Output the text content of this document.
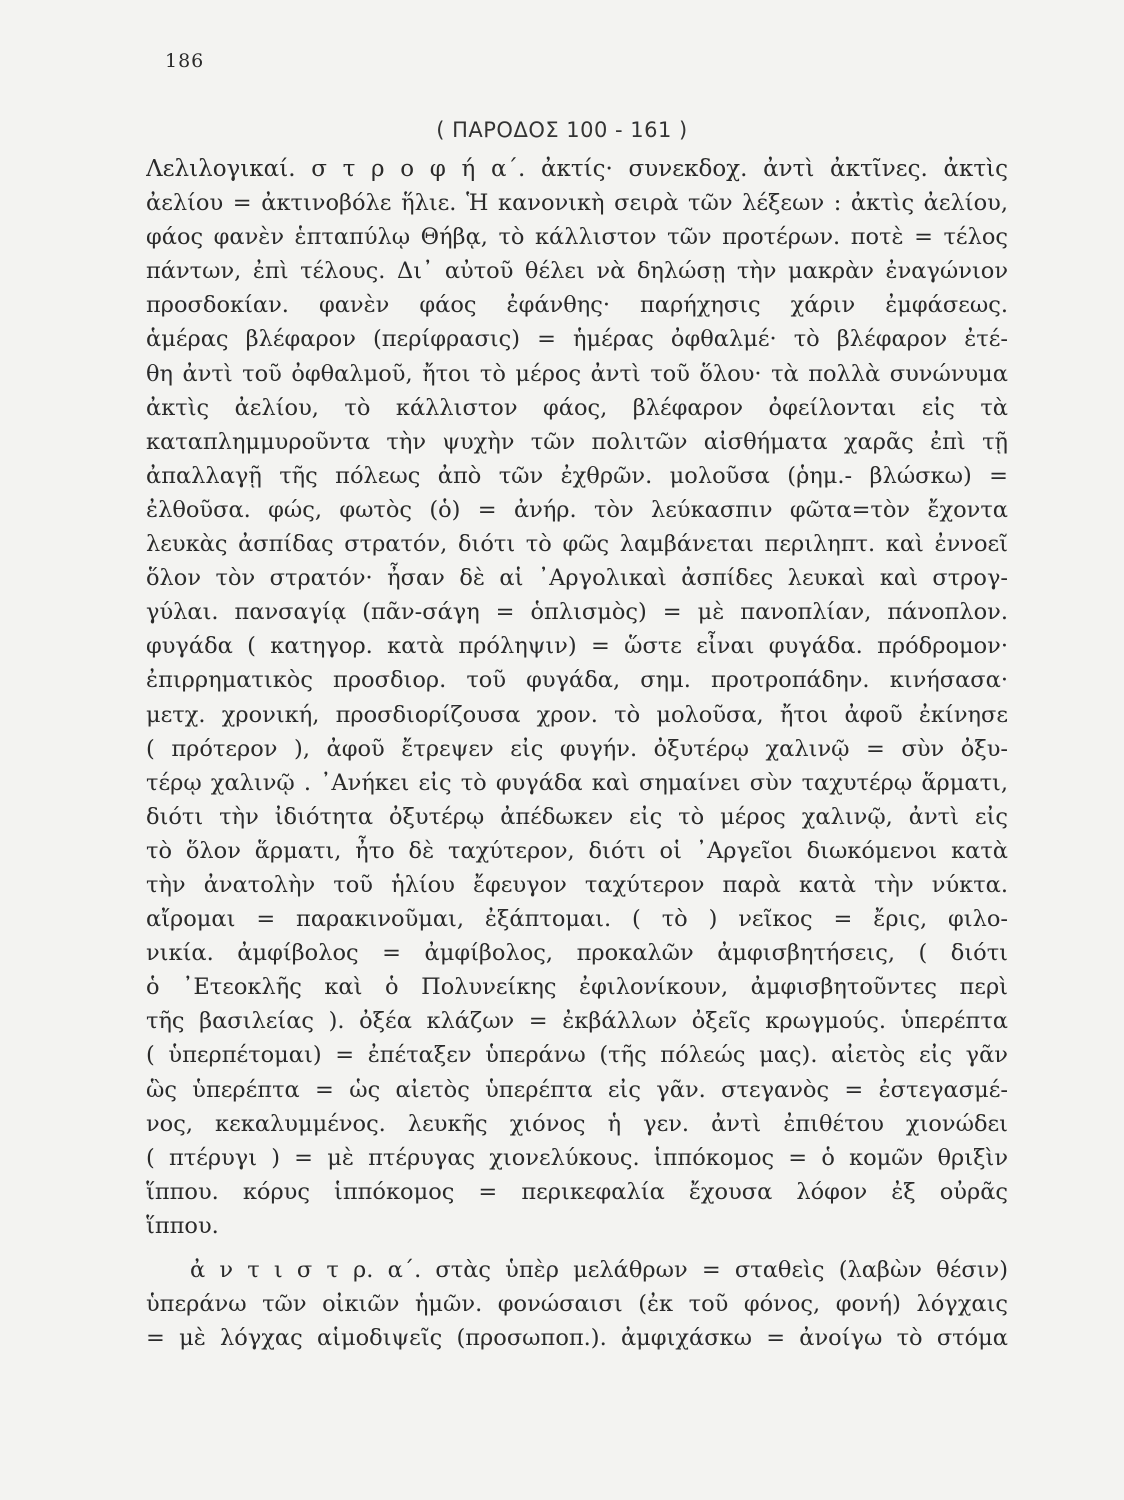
186
( ΠΑΡΟΔΟΣ 100 - 161 )
Λελιλογικαί. σ τ ρ ο φ ή α΄. ἀκτίς· συνεκδοχ. ἀντὶ ἀκτῖνες. ἀκτὶς
ἀελίου = ἀκτινοβόλε ἥλιε. Ἡ κανονικὴ σειρὰ τῶν λέξεων : ἀκτὶς ἀελίου,
φάος φανὲν ἑπταπύλῳ Θήβᾳ, τὸ κάλλιστον τῶν προτέρων. ποτὲ = τέλος
πάντων, ἐπὶ τέλους. Δι᾽ αὐτοῦ θέλει νὰ δηλώσῃ τὴν μακρὰν ἐναγώνιον
προσδοκίαν. φανὲν φάος ἐφάνθης· παρήχησις χάριν ἐμφάσεως.
ἁμέρας βλέφαρον (περίφρασις) = ἡμέρας ὀφθαλμέ· τὸ βλέφαρον ἐτέ-
θη ἀντὶ τοῦ ὀφθαλμοῦ, ἤτοι τὸ μέρος ἀντὶ τοῦ ὅλου· τὰ πολλὰ συνώνυμα
ἀκτὶς ἀελίου, τὸ κάλλιστον φάος, βλέφαρον ὀφείλονται εἰς τὰ
καταπλημμυροῦντα τὴν ψυχὴν τῶν πολιτῶν αἰσθήματα χαρᾶς ἐπὶ τῇ
ἀπαλλαγῇ τῆς πόλεως ἀπὸ τῶν ἐχθρῶν. μολοῦσα (ῥημ.- βλώσκω) =
ἐλθοῦσα. φώς, φωτὸς (ὁ) = ἀνήρ. τὸν λεύκασπιν φῶτα=τὸν ἔχοντα
λευκὰς ἀσπίδας στρατόν, διότι τὸ φῶς λαμβάνεται περιληπτ. καὶ ἐννοεῖ
ὅλον τὸν στρατόν· ἦσαν δὲ αἱ ᾿Αργολικαὶ ἀσπίδες λευκαὶ καὶ στρογ-
γύλαι. πανσαγίᾳ (πᾶν-σάγη = ὁπλισμὸς) = μὲ πανοπλίαν, πάνοπλον.
φυγάδα ( κατηγορ. κατὰ πρόληψιν) = ὥστε εἶναι φυγάδα. πρόδρομον·
ἐπιρρηματικὸς προσδιορ. τοῦ φυγάδα, σημ. προτροπάδην. κινήσασα·
μετχ. χρονική, προσδιορίζουσα χρον. τὸ μολοῦσα, ἤτοι ἀφοῦ ἐκίνησε
( πρότερον ), ἀφοῦ ἔτρεψεν εἰς φυγήν. ὀξυτέρῳ χαλινῷ = σὺν ὀξυ-
τέρῳ χαλινῷ . ᾿Ανήκει εἰς τὸ φυγάδα καὶ σημαίνει σὺν ταχυτέρῳ ἅρματι,
διότι τὴν ἰδιότητα ὀξυτέρῳ ἀπέδωκεν εἰς τὸ μέρος χαλινῷ, ἀντὶ εἰς
τὸ ὅλον ἅρματι, ἦτο δὲ ταχύτερον, διότι οἱ ᾿Αργεῖοι διωκόμενοι κατὰ
τὴν ἀνατολὴν τοῦ ἡλίου ἔφευγον ταχύτερον παρὰ κατὰ τὴν νύκτα.
αἴρομαι = παρακινοῦμαι, ἐξάπτομαι. ( τὸ ) νεῖκος = ἔρις, φιλο-
νικία. ἀμφίβολος = ἀμφίβολος, προκαλῶν ἀμφισβητήσεις, ( διότι
ὁ ᾿Ετεοκλῆς καὶ ὁ Πολυνείκης ἐφιλονίκουν, ἀμφισβητοῦντες περὶ
τῆς βασιλείας ). ὀξέα κλάζων = ἐκβάλλων ὀξεῖς κρωγμούς. ὑπερέπτα
( ὑπερπέτομαι) = ἐπέταξεν ὑπεράνω (τῆς πόλεώς μας). αἰετὸς εἰς γᾶν
ὣς ὑπερέπτα = ὡς αἰετὸς ὑπερέπτα εἰς γᾶν. στεγανὸς = ἐστεγασμέ-
νος, κεκαλυμμένος. λευκῆς χιόνος ἡ γεν. ἀντὶ ἐπιθέτου χιονώδει
( πτέρυγι ) = μὲ πτέρυγας χιονελύκους. ἱππόκομος = ὁ κομῶν θριξὶν
ἵππου. κόρυς ἱππόκομος = περικεφαλία ἔχουσα λόφον ἐξ οὐρᾶς
ἵππου.
ἀ ν τ ι σ τ ρ. α΄. στὰς ὑπὲρ μελάθρων = σταθεὶς (λαβὼν θέσιν)
ὑπεράνω τῶν οἰκιῶν ἡμῶν. φονώσαισι (ἐκ τοῦ φόνος, φονή) λόγχαις
= μὲ λόγχας αἱμοδιψεῖς (προσωποπ.). ἀμφιχάσκω = ἀνοίγω τὸ στόμα
